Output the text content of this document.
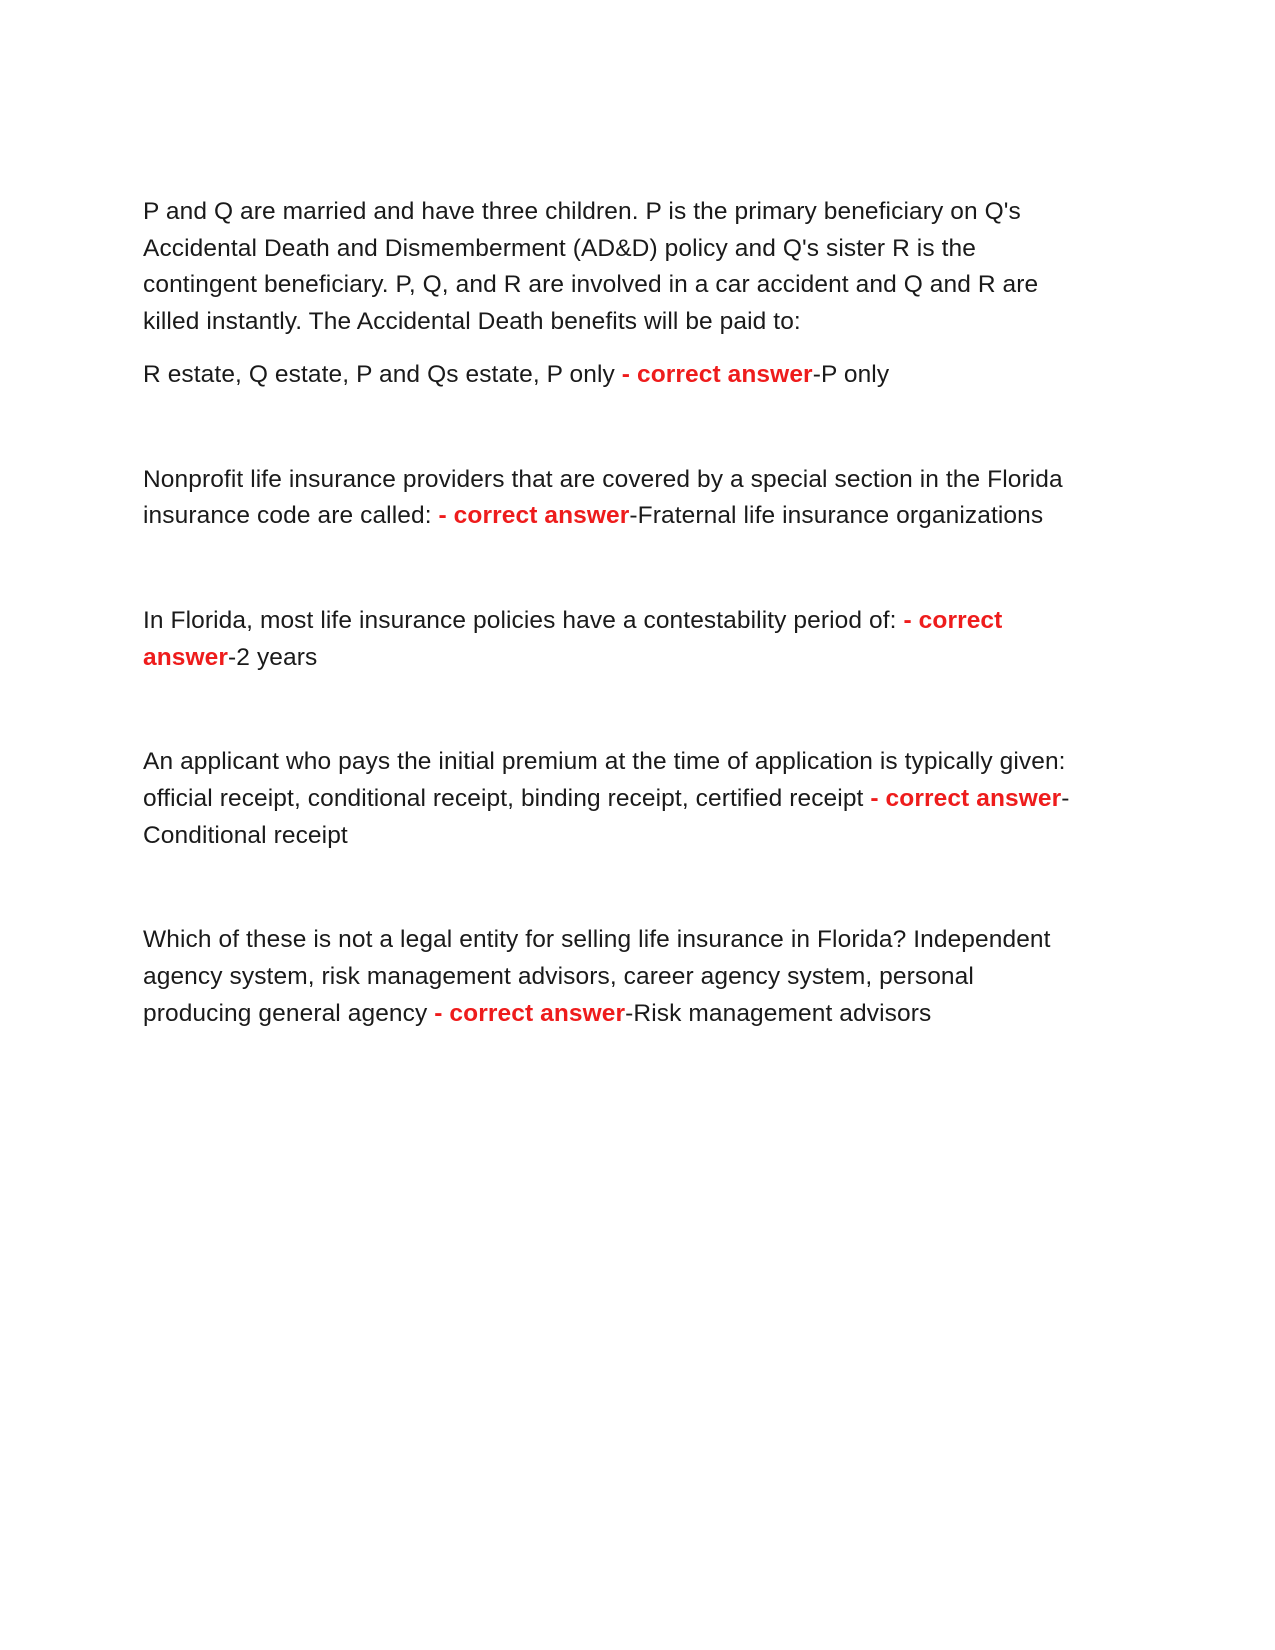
P and Q are married and have three children. P is the primary beneficiary on Q's Accidental Death and Dismemberment (AD&D) policy and Q's sister R is the contingent beneficiary. P, Q, and R are involved in a car accident and Q and R are killed instantly. The Accidental Death benefits will be paid to:

R estate, Q estate, P and Qs estate, P only - correct answer-P only

Nonprofit life insurance providers that are covered by a special section in the Florida insurance code are called: - correct answer-Fraternal life insurance organizations

In Florida, most life insurance policies have a contestability period of: - correct answer-2 years

An applicant who pays the initial premium at the time of application is typically given: official receipt, conditional receipt, binding receipt, certified receipt - correct answer-Conditional receipt

Which of these is not a legal entity for selling life insurance in Florida? Independent agency system, risk management advisors, career agency system, personal producing general agency - correct answer-Risk management advisors
